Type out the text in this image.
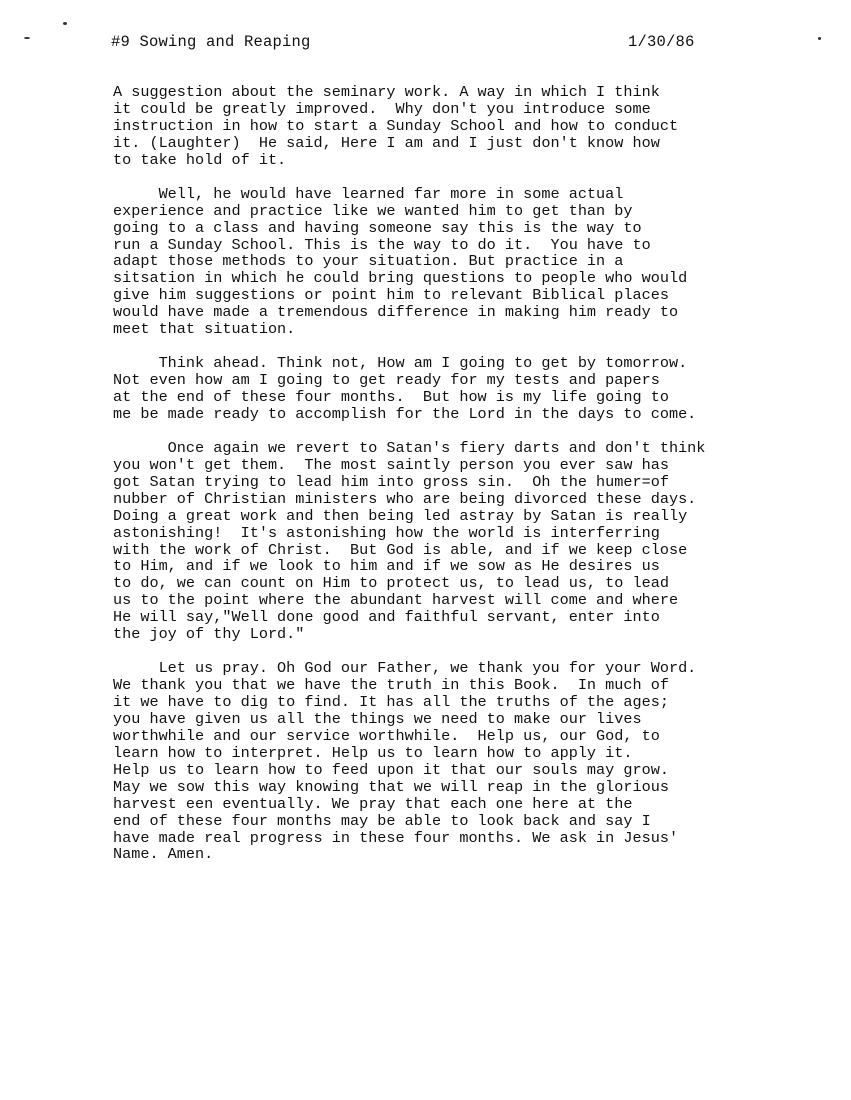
#9 Sowing and Reaping	1/30/86
A suggestion about the seminary work. A way in which I think
it could be greatly improved.  Why don't you introduce some
instruction in how to start a Sunday School and how to conduct
it. (Laughter)  He said, Here I am and I just don't know how
to take hold of it.
Well, he would have learned far more in some actual
experience and practice like we wanted him to get than by
going to a class and having someone say this is the way to
run a Sunday School. This is the way to do it.  You have to
adapt those methods to your situation. But practice in a
sitsation in which he could bring questions to people who would
give him suggestions or point him to relevant Biblical places
would have made a tremendous difference in making him ready to
meet that situation.
Think ahead. Think not, How am I going to get by tomorrow.
Not even how am I going to get ready for my tests and papers
at the end of these four months.  But how is my life going to
me be made ready to accomplish for the Lord in the days to come.
Once again we revert to Satan's fiery darts and don't think
you won't get them.  The most saintly person you ever saw has
got Satan trying to lead him into gross sin.  Oh the humer=of
nubber of Christian ministers who are being divorced these days.
Doing a great work and then being led astray by Satan is really
astonishing!  It's astonishing how the world is interferring
with the work of Christ.  But God is able, and if we keep close
to Him, and if we look to him and if we sow as He desires us
to do, we can count on Him to protect us, to lead us, to lead
us to the point where the abundant harvest will come and where
He will say,"Well done good and faithful servant, enter into
the joy of thy Lord."
Let us pray. Oh God our Father, we thank you for your Word.
We thank you that we have the truth in this Book.  In much of
it we have to dig to find. It has all the truths of the ages;
you have given us all the things we need to make our lives
worthwhile and our service worthwhile.  Help us, our God, to
learn how to interpret. Help us to learn how to apply it.
Help us to learn how to feed upon it that our souls may grow.
May we sow this way knowing that we will reap in the glorious
harvest een eventually. We pray that each one here at the
end of these four months may be able to look back and say I
have made real progress in these four months. We ask in Jesus'
Name. Amen.
